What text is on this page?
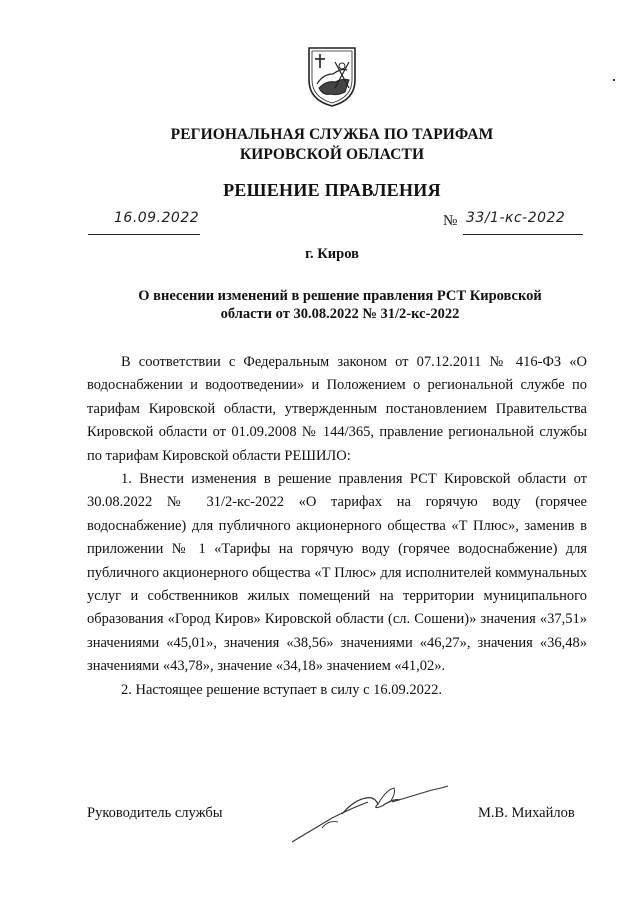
РЕГИОНАЛЬНАЯ СЛУЖБА ПО ТАРИФАМ
КИРОВСКОЙ ОБЛАСТИ
РЕШЕНИЕ ПРАВЛЕНИЯ
16.09.2022	№ 33/1-кс-2022
г. Киров
О внесении изменений в решение правления РСТ Кировской области от 30.08.2022 № 31/2-кс-2022

В соответствии с Федеральным законом от 07.12.2011 № 416-ФЗ «О водоснабжении и водоотведении» и Положением о региональной службе по тарифам Кировской области, утвержденным постановлением Правительства Кировской области от 01.09.2008 № 144/365, правление региональной службы по тарифам Кировской области РЕШИЛО:

1. Внести изменения в решение правления РСТ Кировской области от 30.08.2022 № 31/2-кс-2022 «О тарифах на горячую воду (горячее водоснабжение) для публичного акционерного общества «Т Плюс», заменив в приложении № 1 «Тарифы на горячую воду (горячее водоснабжение) для публичного акционерного общества «Т Плюс» для исполнителей коммунальных услуг и собственников жилых помещений на территории муниципального образования «Город Киров» Кировской области (сл. Сошени)» значения «37,51» значениями «45,01», значения «38,56» значениями «46,27», значения «36,48» значениями «43,78», значение «34,18» значением «41,02».

2. Настоящее решение вступает в силу с 16.09.2022.

Руководитель службы	М.В. Михайлов
